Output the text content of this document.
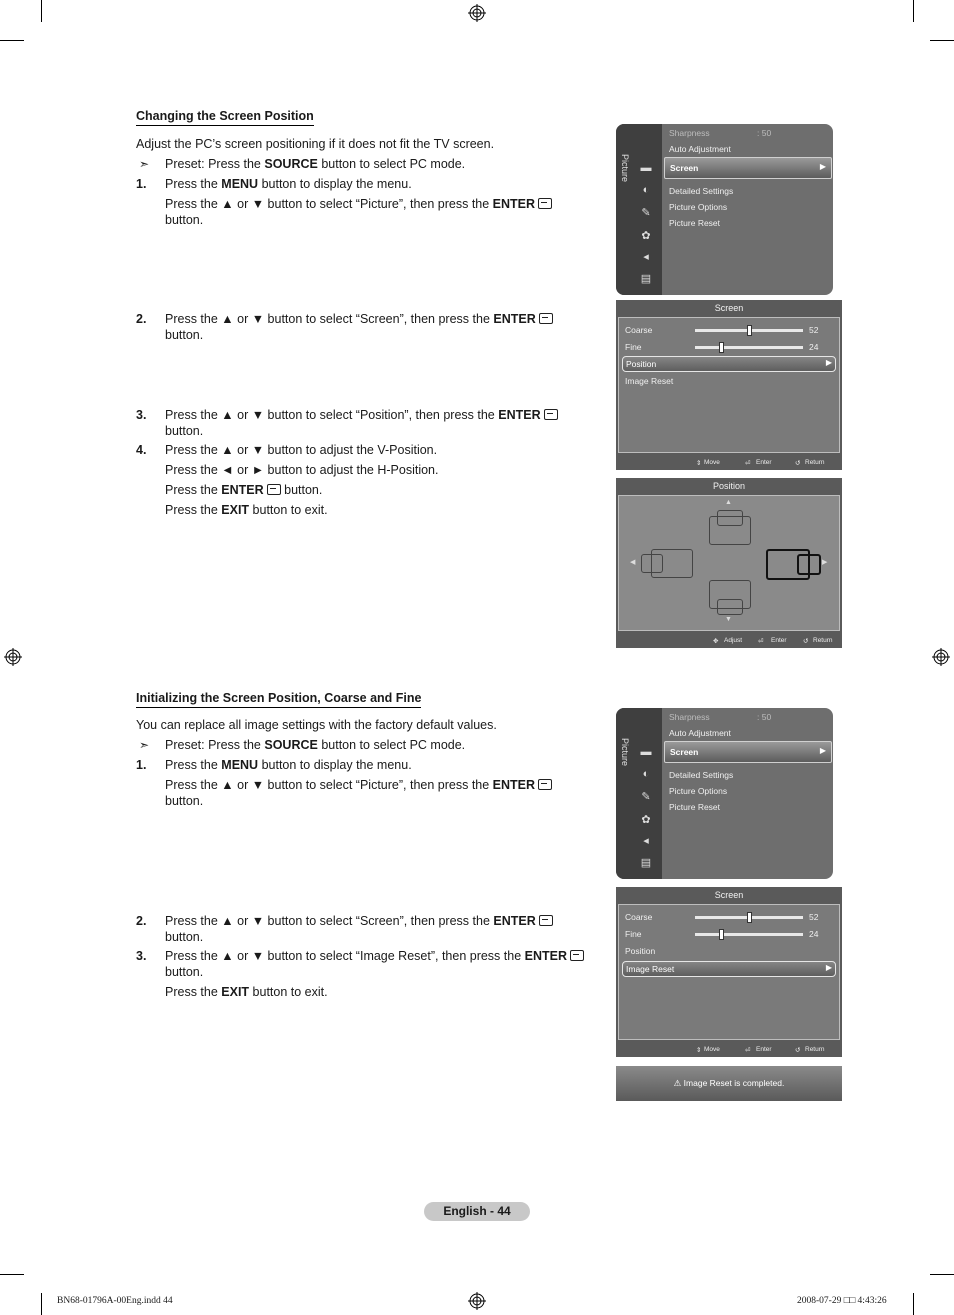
Changing the Screen Position
Adjust the PC’s screen positioning if it does not fit the TV screen.
➣ Preset: Press the SOURCE button to select PC mode.
1. Press the MENU button to display the menu.
Press the ▲ or ▼ button to select “Picture”, then press the ENTER
button.
2. Press the ▲ or ▼ button to select “Screen”, then press the ENTER
button.
3. Press the ▲ or ▼ button to select “Position”, then press the ENTER
button.
4. Press the ▲ or ▼ button to adjust the V-Position.
Press the ◄ or ► button to adjust the H-Position.
Press the ENTER button.
Press the EXIT button to exit.
Picture ▬
◐
✎
✿
◂
▤
Sharpness	: 50
Auto Adjustment
Screen	▶
Detailed Settings
Picture Options
Picture Reset
Screen
Coarse	52
Fine	24
Position	▶
Image Reset
⇕ Move	⏎ Enter	↺ Return
Position
▲
◀	▶
▼
✥ Adjust ⏎ Enter	↺ Return
Initializing the Screen Position, Coarse and Fine
You can replace all image settings with the factory default values.
➣ Preset: Press the SOURCE button to select PC mode.
1. Press the MENU button to display the menu.
Press the ▲ or ▼ button to select “Picture”, then press the ENTER
button.
2. Press the ▲ or ▼ button to select “Screen”, then press the ENTER
button.
3. Press the ▲ or ▼ button to select “Image Reset”, then press the ENTER
button.
Press the EXIT button to exit.
Picture ▬
◐
✎
✿
◂
▤
Sharpness	: 50
Auto Adjustment
Screen	▶
Detailed Settings
Picture Options
Picture Reset
Screen
Coarse	52
Fine	24
Position
Image Reset	▶
⇕ Move	⏎ Enter	↺ Return
⚠ Image Reset is completed.
English - 44
BN68-01796A-00Eng.indd 44	2008-07-29 □□ 4:43:26
